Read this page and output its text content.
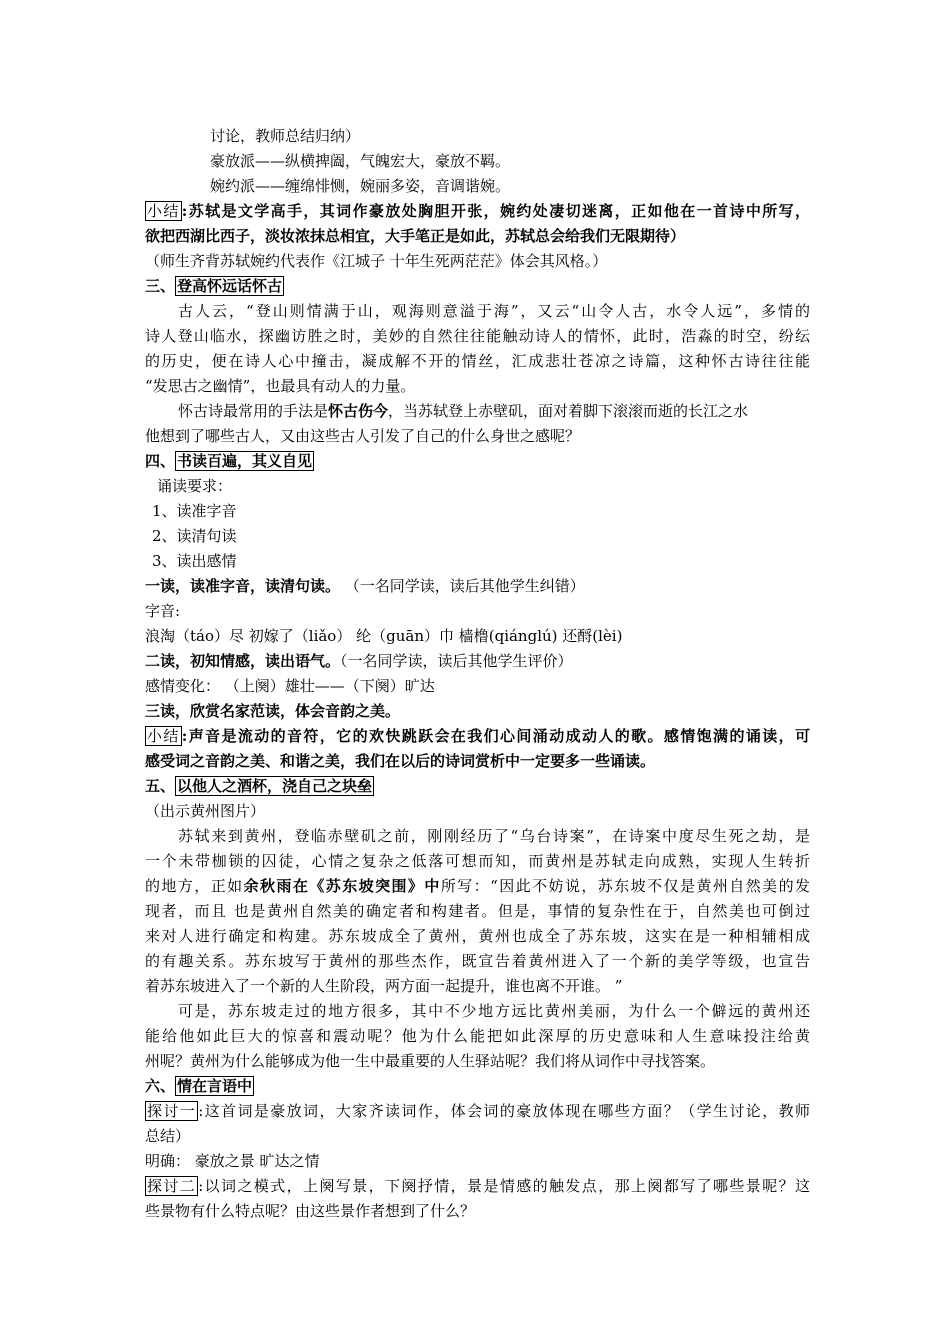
讨论，教师总结归纳）
豪放派——纵横捭阖，气魄宏大，豪放不羁。
婉约派——缠绵悱恻，婉丽多姿，音调谐婉。
小结 :苏轼是文学高手，其词作豪放处胸胆开张，婉约处凄切迷离，正如他在一首诗中所写，
欲把西湖比西子，淡妆浓抹总相宜，大手笔正是如此，苏轼总会给我们无限期待）
（师生齐背苏轼婉约代表作《江城子 十年生死两茫茫》体会其风格。）
三、 登高怀远话怀古
古人云，“登山则情满于山，观海则意溢于海”，又云“山令人古，水令人远”，多情的
诗人登山临水，探幽访胜之时，美妙的自然往往能触动诗人的情怀，此时，浩淼的时空，纷纭
的历史，便在诗人心中撞击，凝成解不开的情丝，汇成悲壮苍凉之诗篇，这种怀古诗往往能
“发思古之幽情”，也最具有动人的力量。
怀古诗最常用的手法是怀古伤今，当苏轼登上赤壁矶，面对着脚下滚滚而逝的长江之水
他想到了哪些古人，又由这些古人引发了自己的什么身世之感呢？
四、 书读百遍，其义自见
诵读要求：
1、读准字音
2、读清句读
3、读出感情
一读，读准字音，读清句读。 （一名同学读，读后其他学生纠错）
字音:
浪淘（táo）尽 初嫁了（liǎo） 纶（guān）巾 樯橹(qiánglú) 还酹(lèi)
二读，初知情感，读出语气。（一名同学读，读后其他学生评价）
感情变化： （上阕）雄壮——（下阕）旷达
三读，欣赏名家范读，体会音韵之美。
小结 :声音是流动的音符，它的欢快跳跃会在我们心间涌动成动人的歌。感情饱满的诵读，可
感受词之音韵之美、和谐之美，我们在以后的诗词赏析中一定要多一些诵读。
五、 以他人之酒杯，浇自己之块垒
（出示黄州图片）
苏轼来到黄州，登临赤壁矶之前，刚刚经历了“乌台诗案”，在诗案中度尽生死之劫，是
一个未带枷锁的囚徒，心情之复杂之低落可想而知，而黄州是苏轼走向成熟，实现人生转折
的地方，正如余秋雨在《苏东坡突围》中所写：“因此不妨说，苏东坡不仅是黄州自然美的发
现者，而且 也是黄州自然美的确定者和构建者。但是，事情的复杂性在于，自然美也可倒过
来对人进行确定和构建。苏东坡成全了黄州，黄州也成全了苏东坡，这实在是一种相辅相成
的有趣关系。苏东坡写于黄州的那些杰作，既宣告着黄州进入了一个新的美学等级，也宣告
着苏东坡进入了一个新的人生阶段，两方面一起提升，谁也离不开谁。 ”
可是，苏东坡走过的地方很多，其中不少地方远比黄州美丽，为什么一个僻远的黄州还
能给他如此巨大的惊喜和震动呢？他为什么能把如此深厚的历史意味和人生意味投注给黄
州呢？黄州为什么能够成为他一生中最重要的人生驿站呢？我们将从词作中寻找答案。
六、 情在言语中
探讨一 :这首词是豪放词，大家齐读词作，体会词的豪放体现在哪些方面？（学生讨论，教师
总结）
明确： 豪放之景 旷达之情
探讨二 :以词之模式，上阕写景，下阕抒情，景是情感的触发点，那上阕都写了哪些景呢？这
些景物有什么特点呢？由这些景作者想到了什么？
